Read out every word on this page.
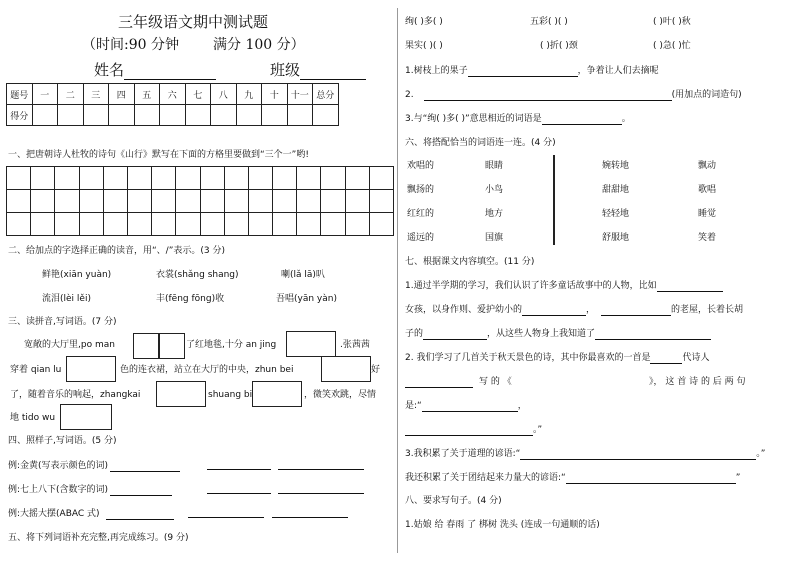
三年级语文期中测试题
（时间:90 分钟 满分 100 分）
姓名	班级
题号	一	二	三	四	五	六	七	八	九	十	十一	总分
得分												
一、把唐朝诗人杜牧的诗句《山行》默写在下面的方格里要做到“三个一”哟!
二、给加点的字选择正确的读音，用“、/”表示。(3 分)
鲜艳(xiān yuàn)	衣裳(shǎng shang)	喇(lǎ lā)叭
流泪(lèi lěi)	丰(fēng fōng)收	吾唱(yān yàn)
三、读拼音,写词语。(7 分)
宽敞的大厅里,po man	了红地毯,十分 an jing	.张茜茜
穿着 qian lu	色的连衣裙，站立在大厅的中央，zhun bei	好
了，随着音乐的响起，zhangkai	shuang bi	，微笑欢跳，尽情
地 tido wu
四、照样子,写词语。(5 分)
例:金黄(写表示颜色的词)
例:七上八下(含数字的词)
例:大摇大摆(ABAC 式)
五、将下列词语补充完整,再完成练习。(9 分)
绚( )多( )	五彩( )( )	( )叶( )秋
果实( )( )	( )折( )颈	( )急( )忙
1.树枝上的果子	，争着让人们去摘呢
2.	(用加点的词造句)
3.与“绚( )多( )”意思相近的词语是	。
六、将搭配恰当的词语连一连。(4 分)
欢唱的
飘扬的
红红的
遥远的
眼睛
小鸟
地方
国旗
婉转地
甜甜地
轻轻地
舒服地
飘动
歌唱
睡觉
笑着
七、根据课文内容填空。(11 分)
1.通过半学期的学习，我们认识了许多童话故事中的人物，比如
女孩，以身作则、爱护幼小的	，	的老屋，长着长胡
子的	，从这些人物身上我知道了
2. 我们学习了几首关于秋天景色的诗，其中你最喜欢的一首是	代诗人
写 的 《	》， 这 首 诗 的 后 两 句
是:“	，
。”
3.我积累了关于道理的谚语:“	。”
我还积累了关于团结起来力量大的谚语:“	”
八、要求写句子。(4 分)
1.姑娘 给 春雨 了 梆树 洗头 (连成一句通顺的话)
